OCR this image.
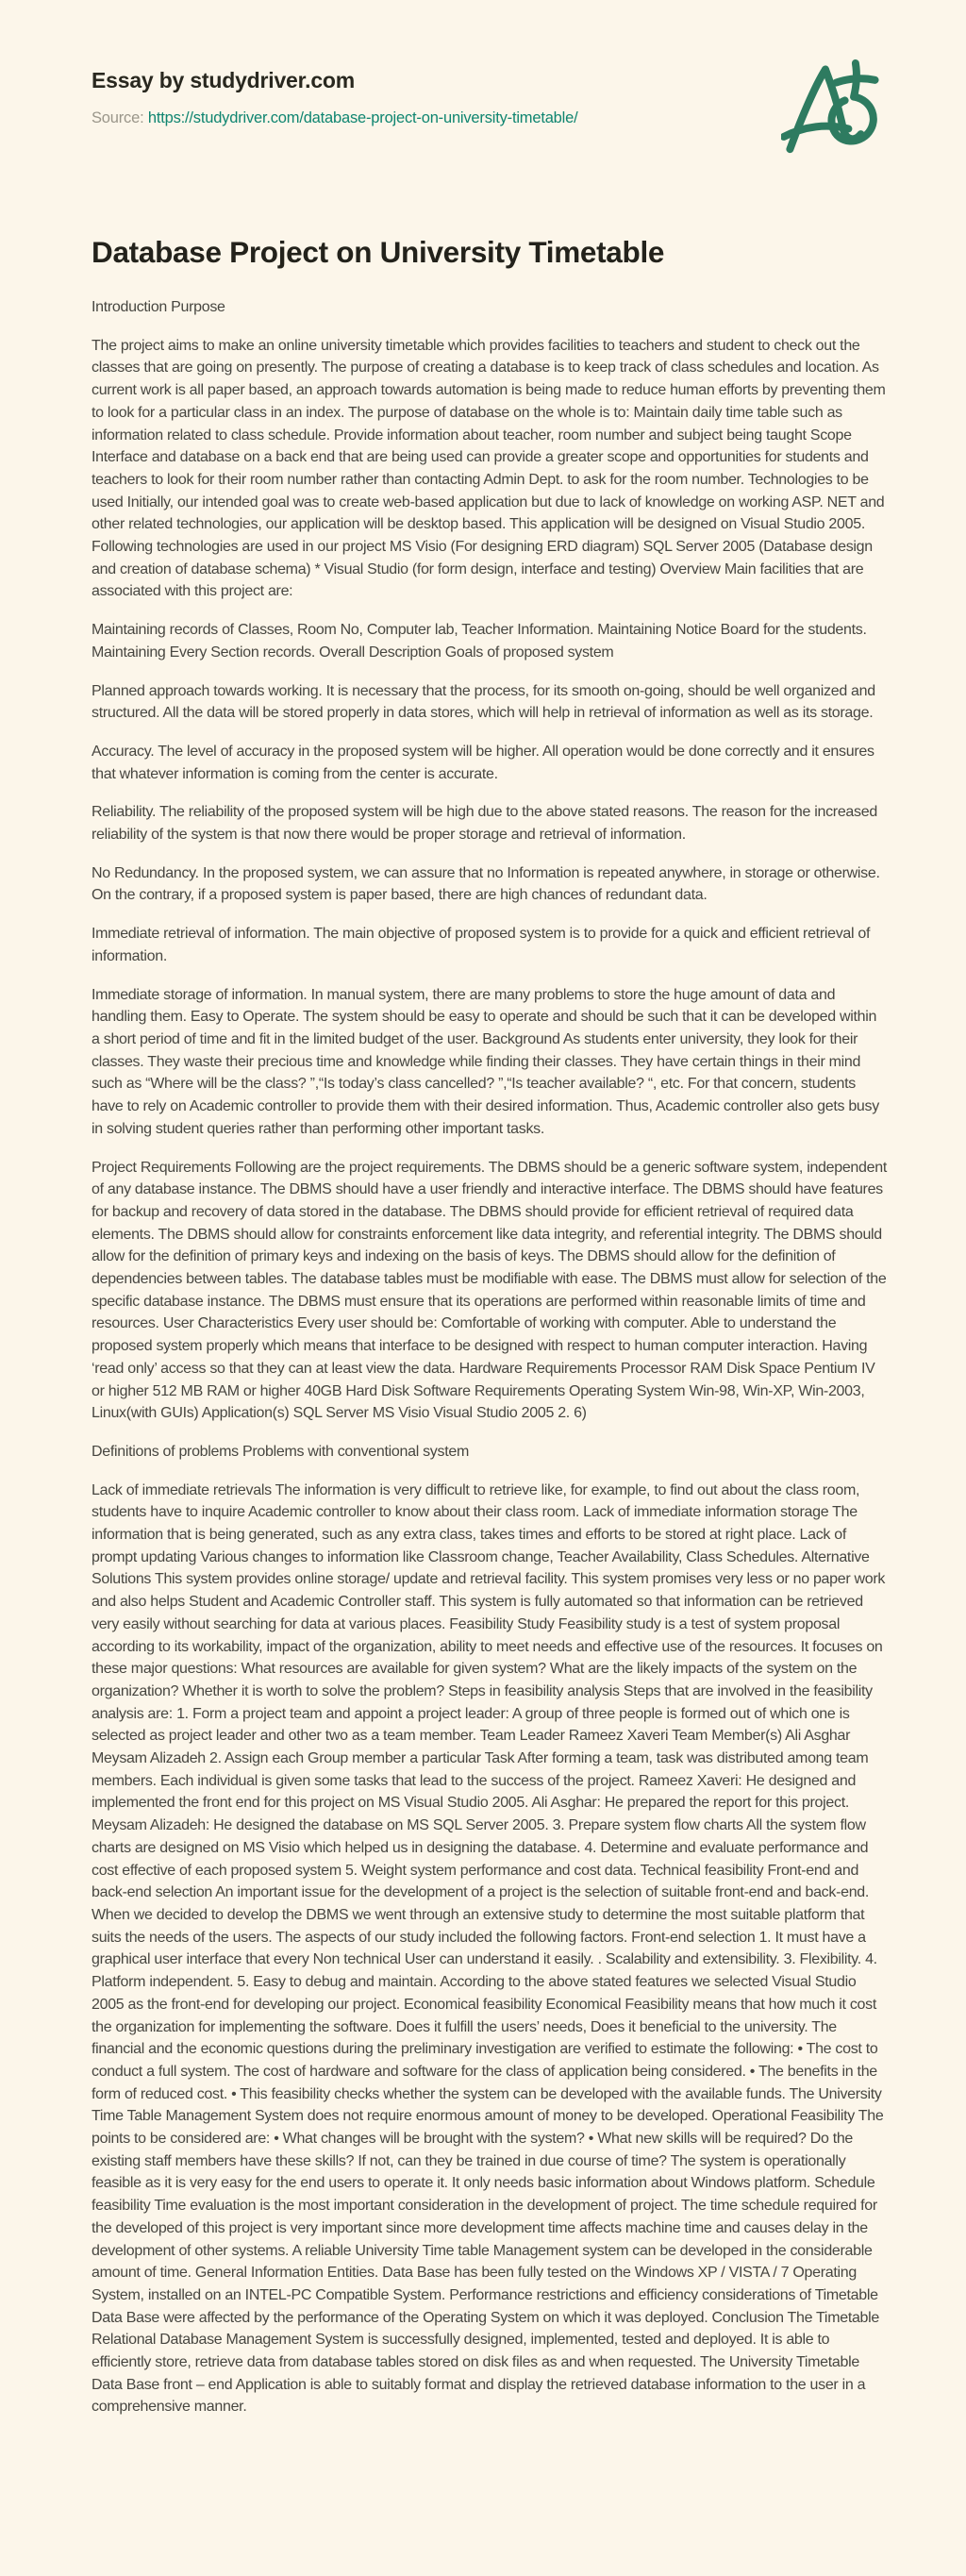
Essay by studydriver.com
Source: https://studydriver.com/database-project-on-university-timetable/
Database Project on University Timetable

Introduction Purpose

The project aims to make an online university timetable which provides facilities to teachers and student to check out the classes that are going on presently. The purpose of creating a database is to keep track of class schedules and location. As current work is all paper based, an approach towards automation is being made to reduce human efforts by preventing them to look for a particular class in an index. The purpose of database on the whole is to: Maintain daily time table such as information related to class schedule. Provide information about teacher, room number and subject being taught Scope Interface and database on a back end that are being used can provide a greater scope and opportunities for students and teachers to look for their room number rather than contacting Admin Dept. to ask for the room number. Technologies to be used Initially, our intended goal was to create web-based application but due to lack of knowledge on working ASP. NET and other related technologies, our application will be desktop based. This application will be designed on Visual Studio 2005. Following technologies are used in our project MS Visio (For designing ERD diagram) SQL Server 2005 (Database design and creation of database schema) * Visual Studio (for form design, interface and testing) Overview Main facilities that are associated with this project are:

Maintaining records of Classes, Room No, Computer lab, Teacher Information. Maintaining Notice Board for the students. Maintaining Every Section records. Overall Description Goals of proposed system

Planned approach towards working. It is necessary that the process, for its smooth on-going, should be well organized and structured. All the data will be stored properly in data stores, which will help in retrieval of information as well as its storage.

Accuracy. The level of accuracy in the proposed system will be higher. All operation would be done correctly and it ensures that whatever information is coming from the center is accurate.

Reliability. The reliability of the proposed system will be high due to the above stated reasons. The reason for the increased reliability of the system is that now there would be proper storage and retrieval of information.

No Redundancy. In the proposed system, we can assure that no Information is repeated anywhere, in storage or otherwise. On the contrary, if a proposed system is paper based, there are high chances of redundant data.

Immediate retrieval of information. The main objective of proposed system is to provide for a quick and efficient retrieval of information.

Immediate storage of information. In manual system, there are many problems to store the huge amount of data and handling them. Easy to Operate. The system should be easy to operate and should be such that it can be developed within a short period of time and fit in the limited budget of the user. Background As students enter university, they look for their classes. They waste their precious time and knowledge while finding their classes. They have certain things in their mind such as “Where will be the class? ”,“Is today’s class cancelled? ”,“Is teacher available? “, etc. For that concern, students have to rely on Academic controller to provide them with their desired information. Thus, Academic controller also gets busy in solving student queries rather than performing other important tasks.

Project Requirements Following are the project requirements. The DBMS should be a generic software system, independent of any database instance. The DBMS should have a user friendly and interactive interface. The DBMS should have features for backup and recovery of data stored in the database. The DBMS should provide for efficient retrieval of required data elements. The DBMS should allow for constraints enforcement like data integrity, and referential integrity. The DBMS should allow for the definition of primary keys and indexing on the basis of keys. The DBMS should allow for the definition of dependencies between tables. The database tables must be modifiable with ease. The DBMS must allow for selection of the specific database instance. The DBMS must ensure that its operations are performed within reasonable limits of time and resources. User Characteristics Every user should be: Comfortable of working with computer. Able to understand the proposed system properly which means that interface to be designed with respect to human computer interaction. Having ‘read only’ access so that they can at least view the data. Hardware Requirements Processor RAM Disk Space Pentium IV or higher 512 MB RAM or higher 40GB Hard Disk Software Requirements Operating System Win-98, Win-XP, Win-2003, Linux(with GUIs) Application(s) SQL Server MS Visio Visual Studio 2005 2. 6)

Definitions of problems Problems with conventional system

Lack of immediate retrievals The information is very difficult to retrieve like, for example, to find out about the class room, students have to inquire Academic controller to know about their class room. Lack of immediate information storage The information that is being generated, such as any extra class, takes times and efforts to be stored at right place. Lack of prompt updating Various changes to information like Classroom change, Teacher Availability, Class Schedules. Alternative Solutions This system provides online storage/ update and retrieval facility. This system promises very less or no paper work and also helps Student and Academic Controller staff. This system is fully automated so that information can be retrieved very easily without searching for data at various places. Feasibility Study Feasibility study is a test of system proposal according to its workability, impact of the organization, ability to meet needs and effective use of the resources. It focuses on these major questions: What resources are available for given system? What are the likely impacts of the system on the organization? Whether it is worth to solve the problem? Steps in feasibility analysis Steps that are involved in the feasibility analysis are: 1. Form a project team and appoint a project leader: A group of three people is formed out of which one is selected as project leader and other two as a team member. Team Leader Rameez Xaveri Team Member(s) Ali Asghar Meysam Alizadeh 2. Assign each Group member a particular Task After forming a team, task was distributed among team members. Each individual is given some tasks that lead to the success of the project. Rameez Xaveri: He designed and implemented the front end for this project on MS Visual Studio 2005. Ali Asghar: He prepared the report for this project. Meysam Alizadeh: He designed the database on MS SQL Server 2005. 3. Prepare system flow charts All the system flow charts are designed on MS Visio which helped us in designing the database. 4. Determine and evaluate performance and cost effective of each proposed system 5. Weight system performance and cost data. Technical feasibility Front-end and back-end selection An important issue for the development of a project is the selection of suitable front-end and back-end. When we decided to develop the DBMS we went through an extensive study to determine the most suitable platform that suits the needs of the users. The aspects of our study included the following factors. Front-end selection 1. It must have a graphical user interface that every Non technical User can understand it easily. . Scalability and extensibility. 3. Flexibility. 4. Platform independent. 5. Easy to debug and maintain. According to the above stated features we selected Visual Studio 2005 as the front-end for developing our project. Economical feasibility Economical Feasibility means that how much it cost the organization for implementing the software. Does it fulfill the users’ needs, Does it beneficial to the university. The financial and the economic questions during the preliminary investigation are verified to estimate the following: • The cost to conduct a full system. The cost of hardware and software for the class of application being considered. • The benefits in the form of reduced cost. • This feasibility checks whether the system can be developed with the available funds. The University Time Table Management System does not require enormous amount of money to be developed. Operational Feasibility The points to be considered are: • What changes will be brought with the system? • What new skills will be required? Do the existing staff members have these skills? If not, can they be trained in due course of time? The system is operationally feasible as it is very easy for the end users to operate it. It only needs basic information about Windows platform. Schedule feasibility Time evaluation is the most important consideration in the development of project. The time schedule required for the developed of this project is very important since more development time affects machine time and causes delay in the development of other systems. A reliable University Time table Management system can be developed in the considerable amount of time. General Information Entities. Data Base has been fully tested on the Windows XP / VISTA / 7 Operating System, installed on an INTEL-PC Compatible System. Performance restrictions and efficiency considerations of Timetable Data Base were affected by the performance of the Operating System on which it was deployed. Conclusion The Timetable Relational Database Management System is successfully designed, implemented, tested and deployed. It is able to efficiently store, retrieve data from database tables stored on disk files as and when requested. The University Timetable Data Base front – end Application is able to suitably format and display the retrieved database information to the user in a comprehensive manner.
